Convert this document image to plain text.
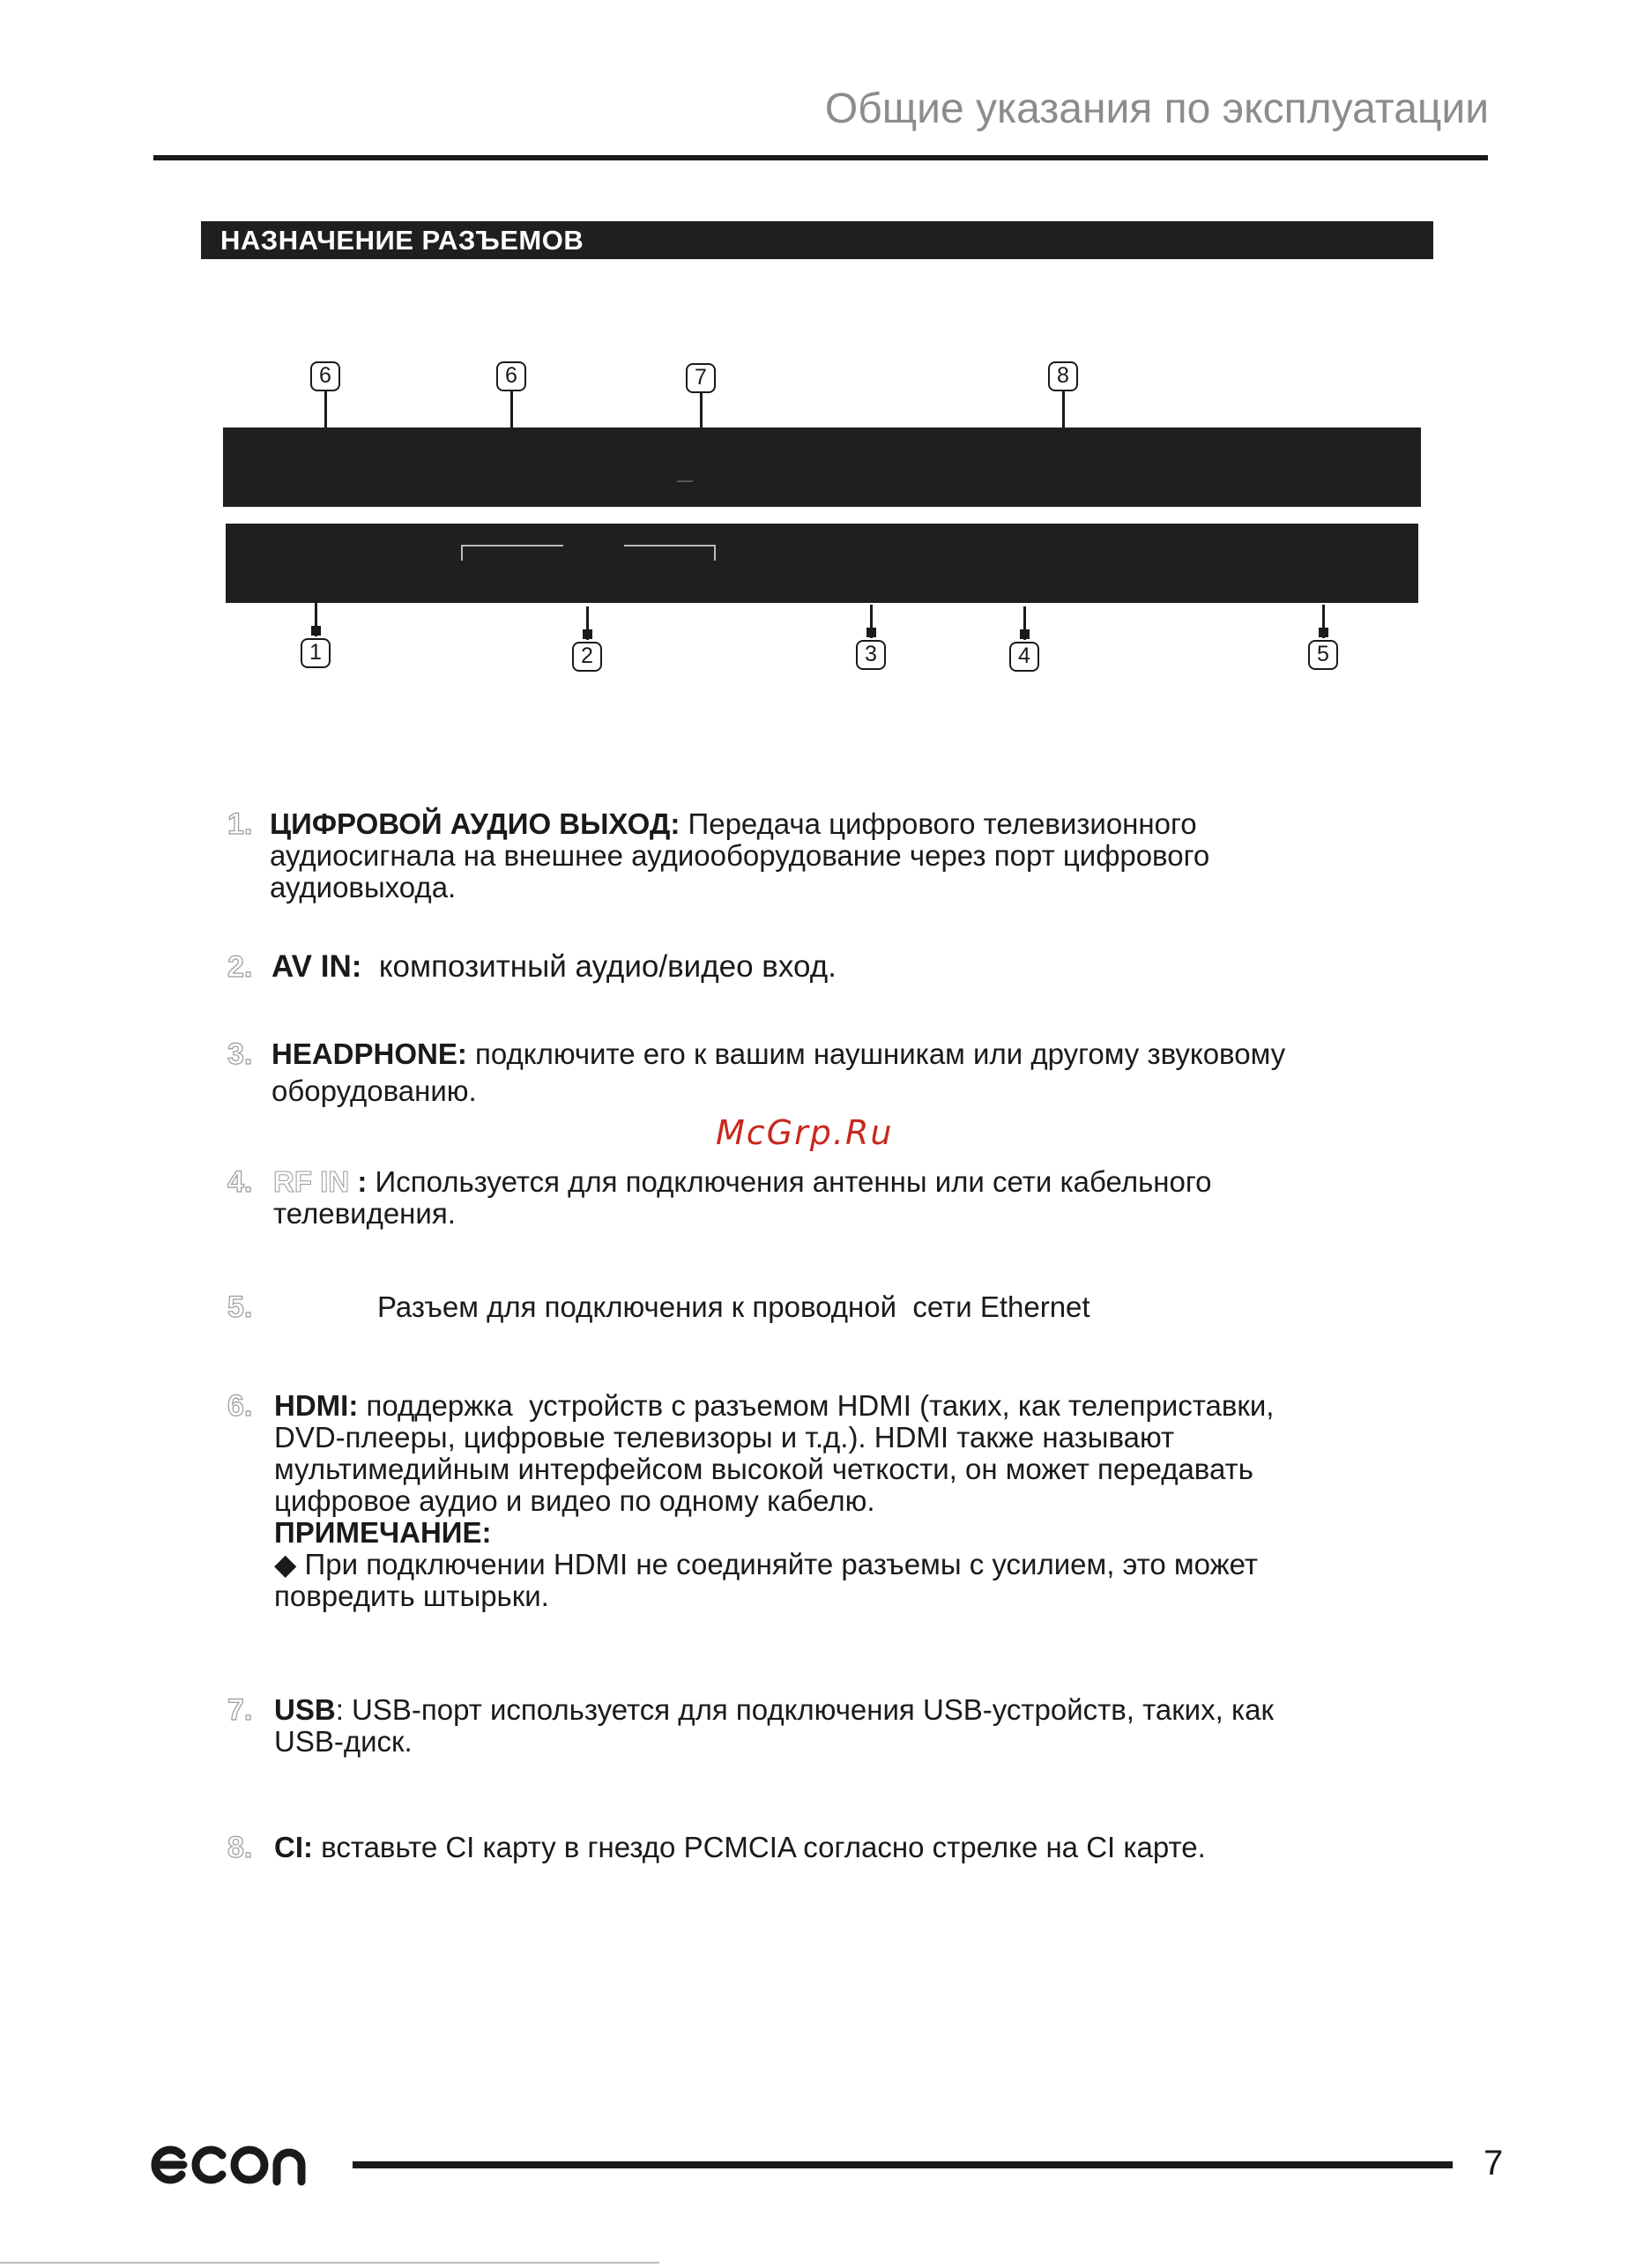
Общие указания по эксплуатации
НАЗНАЧЕНИЕ РАЗЪЕМОВ
6	6	7	8
1	2	3	4	5
1. ЦИФРОВОЙ АУДИО ВЫХОД: Передача цифрового телевизионного
аудиосигнала на внешнее аудиооборудование через порт цифрового
аудиовыхода.
2. AV IN:  композитный аудио/видео вход.
3. HEADPHONE: подключите его к вашим наушникам или другому звуковому
оборудованию.
McGrp.Ru
4. RF IN : Используется для подключения антенны или сети кабельного
телевидения.
5.	Разъем для подключения к проводной  сети Ethernet
6. HDMI: поддержка  устройств с разъемом HDMI (таких, как телеприставки,
DVD-плееры, цифровые телевизоры и т.д.). HDMI также называют
мультимедийным интерфейсом высокой четкости, он может передавать
цифровое аудио и видео по одному кабелю.
ПРИМЕЧАНИЕ:
◆ При подключении HDMI не соединяйте разъемы с усилием, это может
повредить штырьки.
7. USB: USB-порт используется для подключения USB-устройств, таких, как
USB-диск.
8. CI: вставьте CI карту в гнездо PCMCIA согласно стрелке на CI карте.
7
